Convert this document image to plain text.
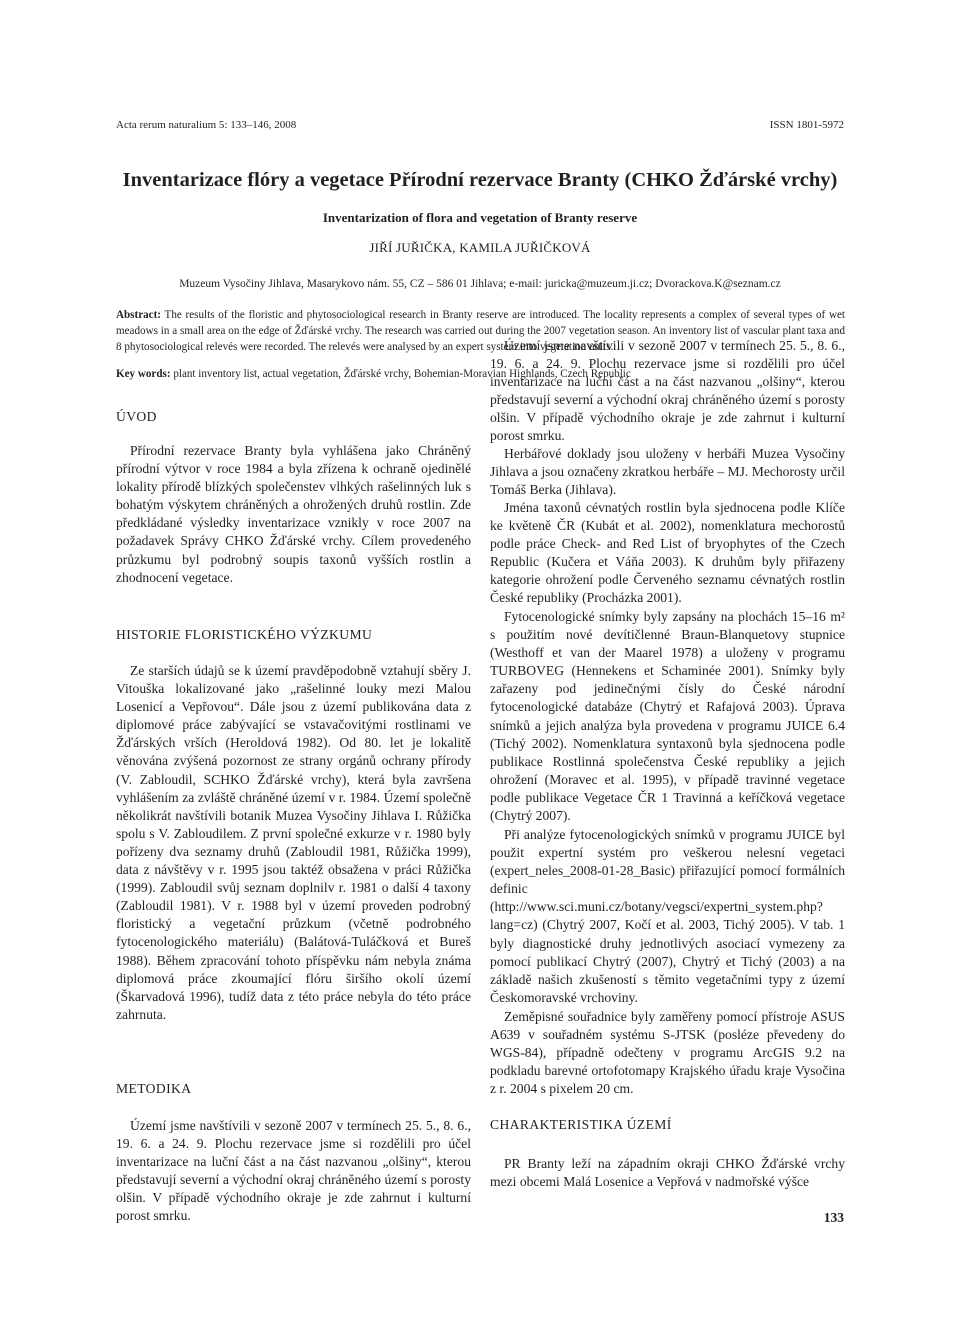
Acta rerum naturalium 5: 133–146, 2008	ISSN 1801-5972
Inventarizace flóry a vegetace Přírodní rezervace Branty (CHKO Žďárské vrchy)
Inventarization of flora and vegetation of Branty reserve
JIŘÍ JUŘIČKA, KAMILA JUŘIČKOVÁ
Muzeum Vysočiny Jihlava, Masarykovo nám. 55, CZ – 586 01 Jihlava; e-mail: juricka@muzeum.ji.cz; Dvorackova.K@seznam.cz
Abstract: The results of the floristic and phytosociological research in Branty reserve are introduced. The locality represents a complex of several types of wet meadows in a small area on the edge of Žďárské vrchy. The research was carried out during the 2007 vegetation season. An inventory list of vascular plant taxa and 8 phytosociological relevés were recorded. The relevés were analysed by an expert system into vegetation units.
Key words: plant inventory list, actual vegetation, Žďárské vrchy, Bohemian-Moravian Highlands, Czech Republic
ÚVOD

Přírodní rezervace Branty byla vyhlášena jako Chráněný přírodní výtvor v roce 1984 a byla zřízena k ochraně ojedinělé lokality přírodě blízkých společenstev vlhkých rašelinných luk s bohatým výskytem chráněných a ohrožených druhů rostlin. Zde předkládané výsledky inventarizace vznikly v roce 2007 na požadavek Správy CHKO Žďárské vrchy. Cílem provedeného průzkumu byl podrobný soupis taxonů vyšších rostlin a zhodnocení vegetace.

HISTORIE FLORISTICKÉHO VÝZKUMU

Ze starších údajů se k území pravděpodobně vztahují sběry J. Vitouška lokalizované jako „rašelinné louky mezi Malou Losenicí a Vepřovou“. Dále jsou z území publikována data z diplomové práce zabývající se vstavačovitými rostlinami ve Žďárských vrších (Heroldová 1982). Od 80. let je lokalitě věnována zvýšená pozornost ze strany orgánů ochrany přírody (V. Zabloudil, SCHKO Žďárské vrchy), která byla završena vyhlášením za zvláště chráněné území v r. 1984. Území společně několikrát navštívili botanik Muzea Vysočiny Jihlava I. Růžička spolu s V. Zabloudilem. Z první společné exkurze v r. 1980 byly pořízeny dva seznamy druhů (Zabloudil 1981, Růžička 1999), data z návštěvy v r. 1995 jsou taktéž obsažena v práci Růžička (1999). Zabloudil svůj seznam doplnilv r. 1981 o další 4 taxony (Zabloudil 1981). V r. 1988 byl v území proveden podrobný floristický a vegetační průzkum (včetně podrobného fytocenologického materiálu) (Balátová-Tuláčková et Bureš 1988). Během zpracování tohoto příspěvku nám nebyla známa diplomová práce zkoumající flóru širšího okolí území (Škarvadová 1996), tudíž data z této práce nebyla do této práce zahrnuta.

METODIKA

Území jsme navštívili v sezoně 2007 v termínech 25. 5., 8. 6., 19. 6. a 24. 9. Plochu rezervace jsme si rozdělili pro účel inventarizace na luční část a na část nazvanou „olšiny“, kterou představují severní a východní okraj chráněného území s porosty olšin. V případě východního okraje je zde zahrnut i kulturní porost smrku.

Území jsme navštívili v sezoně 2007 v termínech 25. 5., 8. 6., 19. 6. a 24. 9. Plochu rezervace jsme si rozdělili pro účel inventarizace na luční část a na část nazvanou „olšiny“, kterou představují severní a východní okraj chráněného území s porosty olšin. V případě východního okraje je zde zahrnut i kulturní porost smrku.

Herbářové doklady jsou uloženy v herbáři Muzea Vysočiny Jihlava a jsou označeny zkratkou herbáře – MJ. Mechorosty určil Tomáš Berka (Jihlava).

Jména taxonů cévnatých rostlin byla sjednocena podle Klíče ke květeně ČR (Kubát et al. 2002), nomenklatura mechorostů podle práce Check- and Red List of bryophytes of the Czech Republic (Kučera et Váňa 2003). K druhům byly přiřazeny kategorie ohrožení podle Červeného seznamu cévnatých rostlin České republiky (Procházka 2001).

Fytocenologické snímky byly zapsány na plochách 15–16 m² s použitím nové devítičlenné Braun-Blanquetovy stupnice (Westhoff et van der Maarel 1978) a uloženy v programu TURBOVEG (Hennekens et Schaminée 2001). Snímky byly zařazeny pod jedinečnými čísly do České národní fytocenologické databáze (Chytrý et Rafajová 2003). Úprava snímků a jejich analýza byla provedena v programu JUICE 6.4 (Tichý 2002). Nomenklatura syntaxonů byla sjednocena podle publikace Rostlinná společenstva České republiky a jejich ohrožení (Moravec et al. 1995), v případě travinné vegetace podle publikace Vegetace ČR 1 Travinná a keříčková vegetace (Chytrý 2007).

Při analýze fytocenologických snímků v programu JUICE byl použit expertní systém pro veškerou nelesní vegetaci (expert_neles_2008-01-28_Basic) přiřazující pomocí formálních definic (http://www.sci.muni.cz/botany/vegsci/expertni_system.php?lang=cz) (Chytrý 2007, Kočí et al. 2003, Tichý 2005). V tab. 1 byly diagnostické druhy jednotlivých asociací vymezeny za pomocí publikací Chytrý (2007), Chytrý et Tichý (2003) a na základě našich zkušeností s těmito vegetačními typy z území Českomoravské vrchoviny.

Zeměpisné souřadnice byly zaměřeny pomocí přístroje ASUS A639 v souřadném systému S-JTSK (posléze převedeny do WGS-84), případně odečteny v programu ArcGIS 9.2 na podkladu barevné ortofotomapy Krajského úřadu kraje Vysočina z r. 2004 s pixelem 20 cm.

CHARAKTERISTIKA ÚZEMÍ

PR Branty leží na západním okraji CHKO Žďárské vrchy mezi obcemi Malá Losenice a Vepřová v nadmořské výšce

133
